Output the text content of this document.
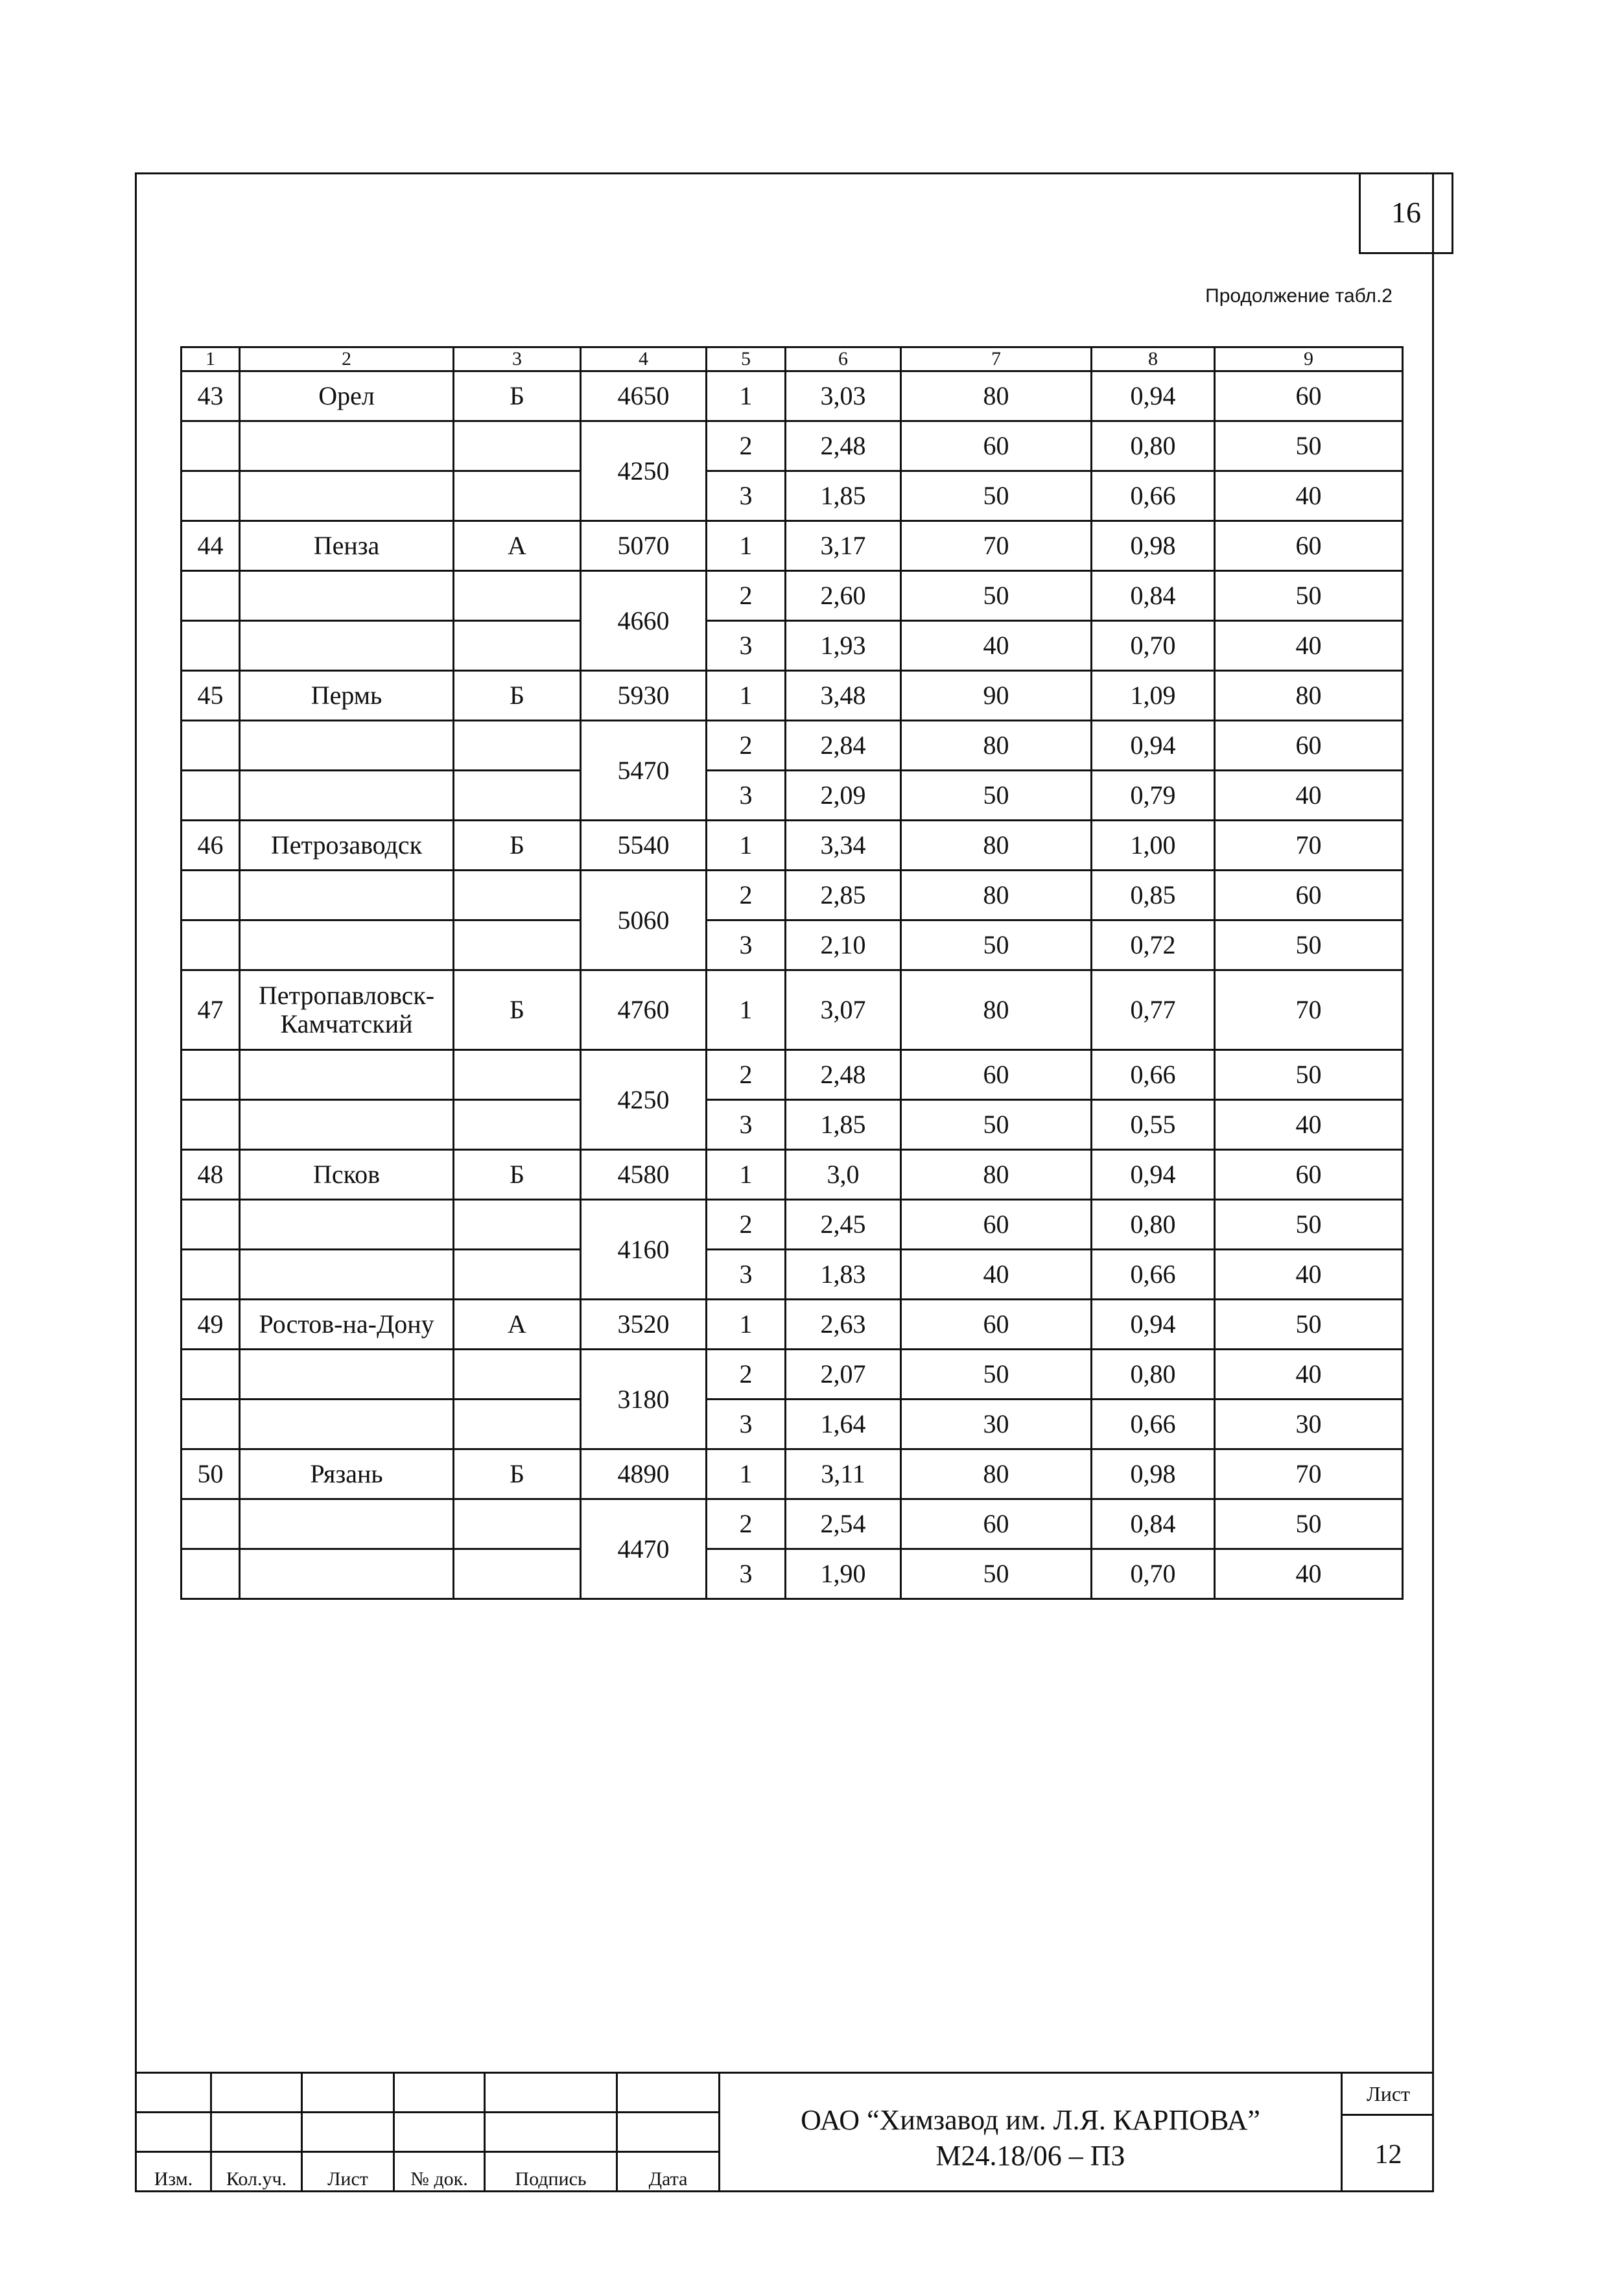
16
Продолжение табл.2
1	2	3	4	5	6	7	8	9
43	Орел	Б	4650	1	3,03	80	0,94	60
			4250	2	2,48	60	0,80	50
				3	1,85	50	0,66	40
44	Пенза	А	5070	1	3,17	70	0,98	60
			4660	2	2,60	50	0,84	50
				3	1,93	40	0,70	40
45	Пермь	Б	5930	1	3,48	90	1,09	80
			5470	2	2,84	80	0,94	60
				3	2,09	50	0,79	40
46	Петрозаводск	Б	5540	1	3,34	80	1,00	70
			5060	2	2,85	80	0,85	60
				3	2,10	50	0,72	50
47	Петропавловск-Камчатский	Б	4760	1	3,07	80	0,77	70
			4250	2	2,48	60	0,66	50
				3	1,85	50	0,55	40
48	Псков	Б	4580	1	3,0	80	0,94	60
			4160	2	2,45	60	0,80	50
				3	1,83	40	0,66	40
49	Ростов-на-Дону	А	3520	1	2,63	60	0,94	50
			3180	2	2,07	50	0,80	40
				3	1,64	30	0,66	30
50	Рязань	Б	4890	1	3,11	80	0,98	70
			4470	2	2,54	60	0,84	50
				3	1,90	50	0,70	40

Изм.	Кол.уч.	Лист	№ док.	Подпись	Дата
ОАО “Химзавод им. Л.Я. КАРПОВА”
М24.18/06 – ПЗ
Лист
12
